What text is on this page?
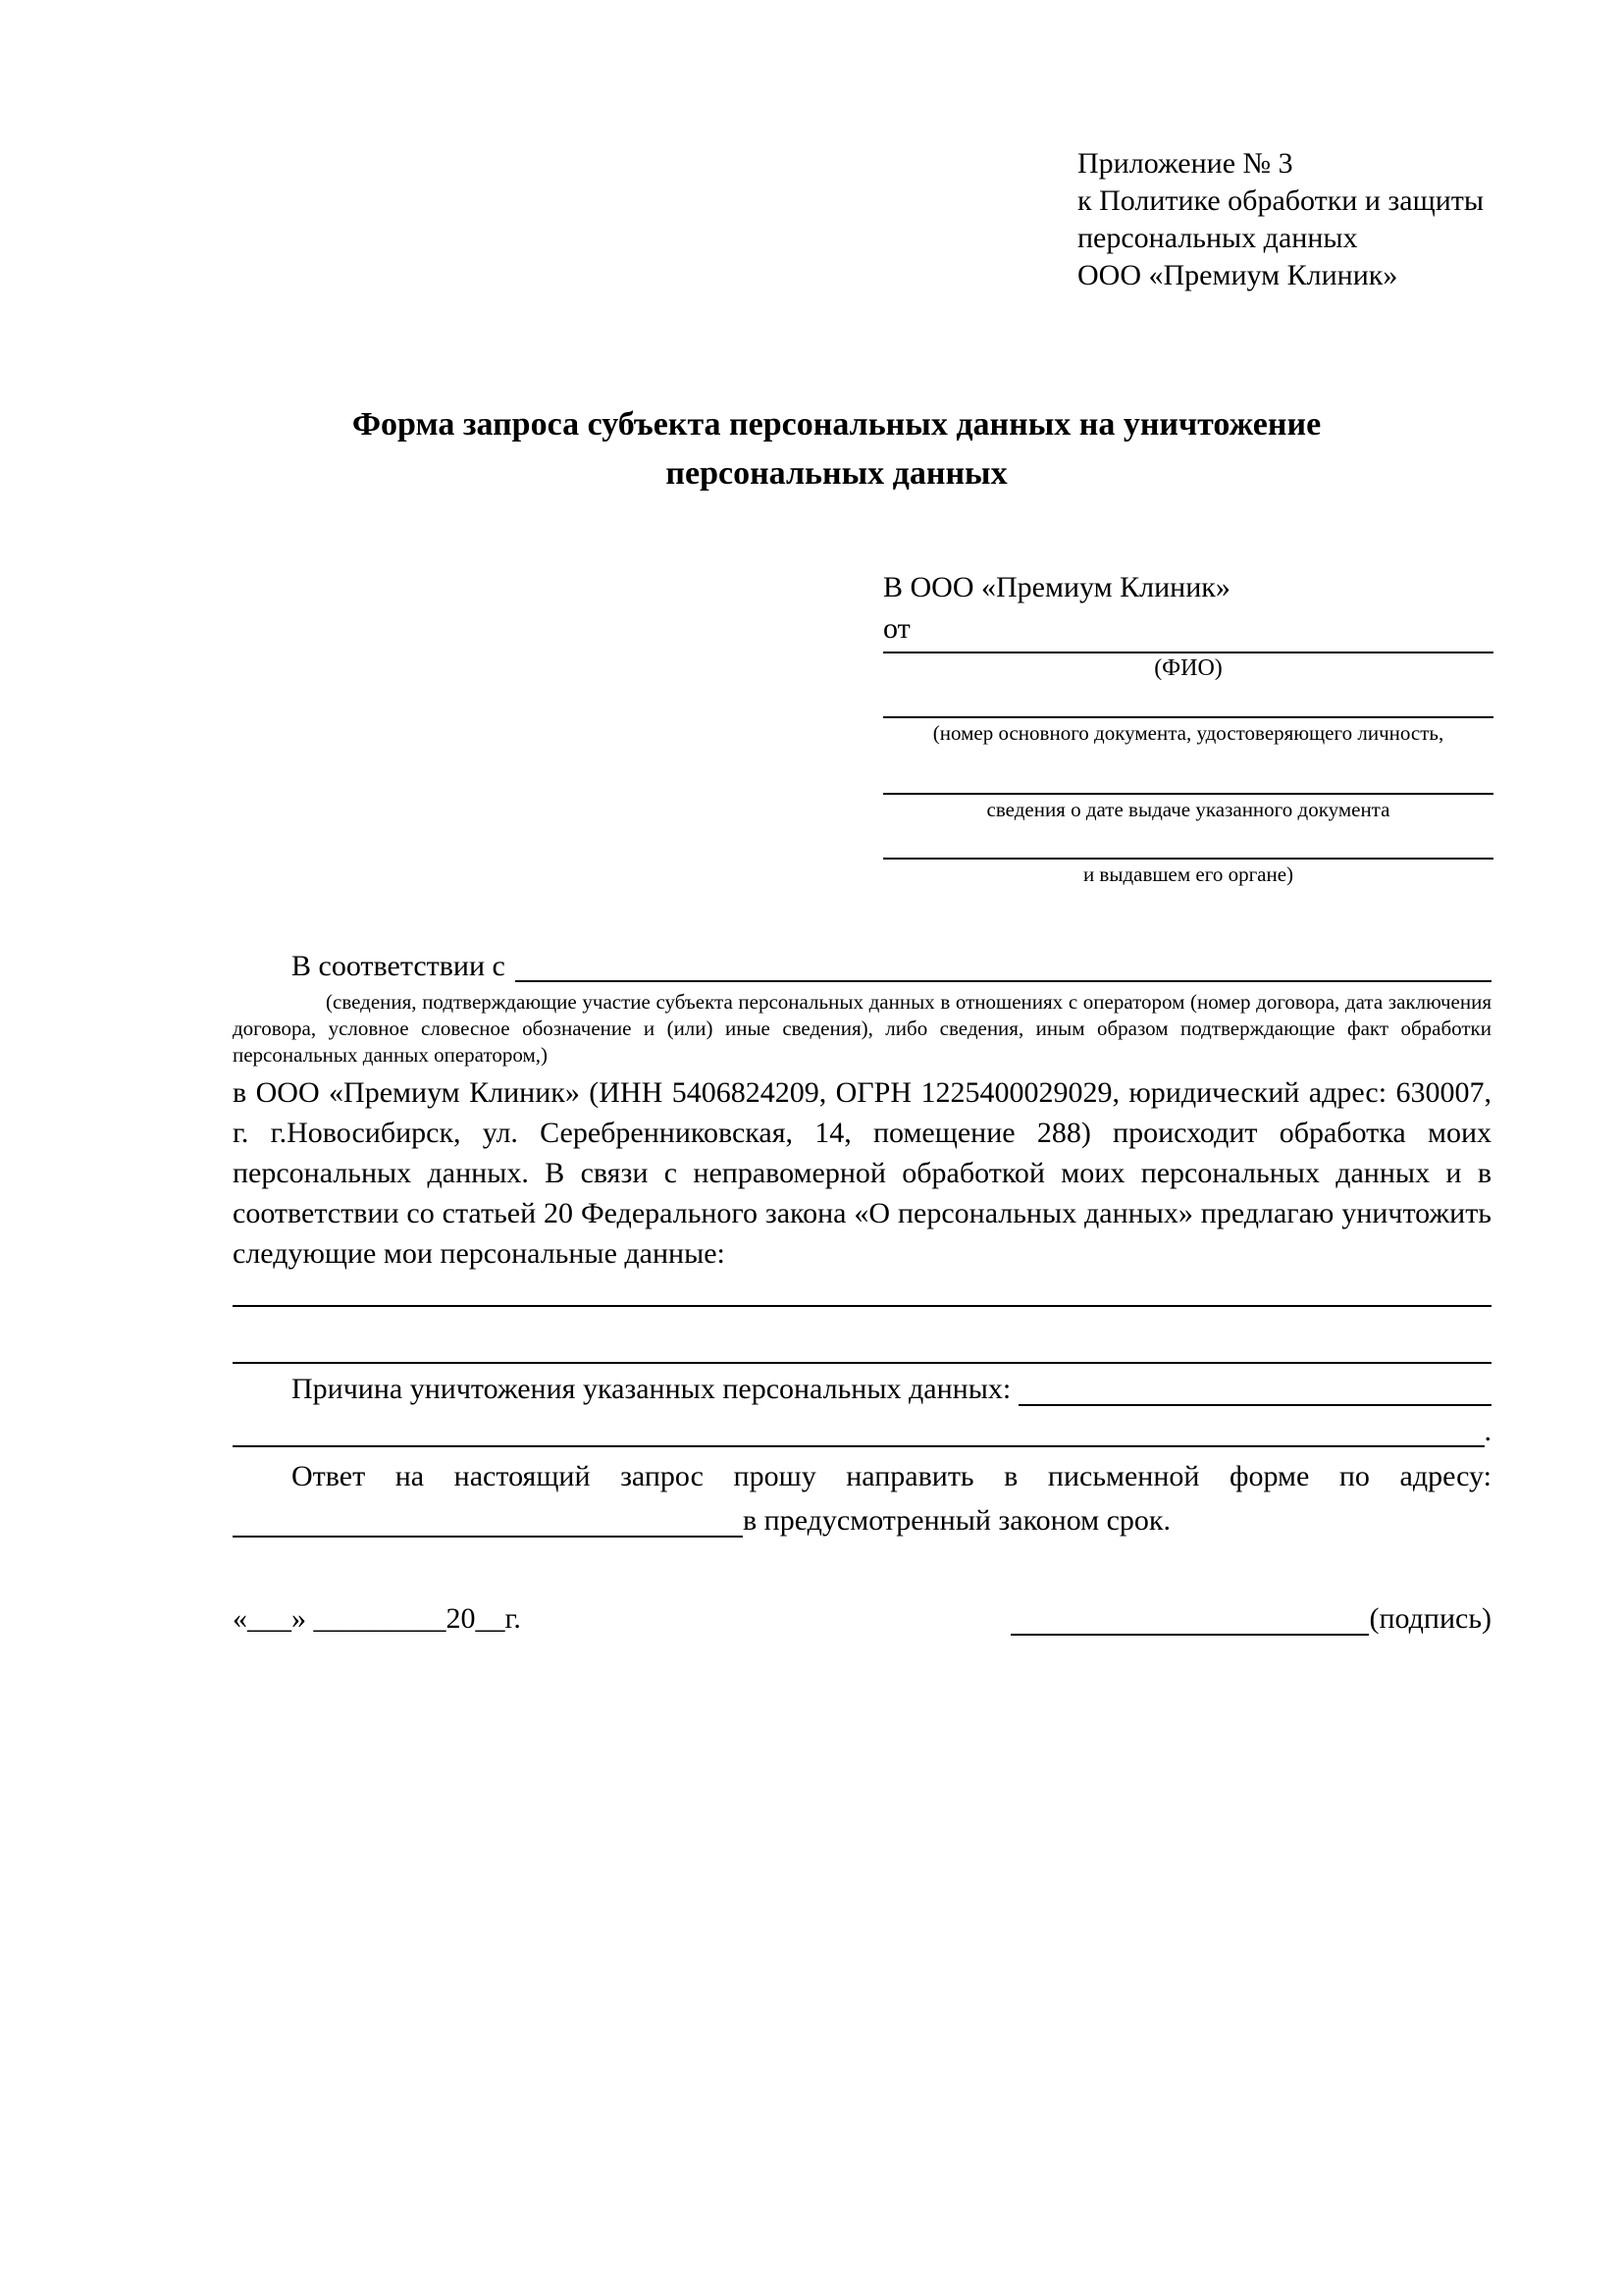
Приложение № 3
к Политике обработки и защиты
персональных данных
ООО «Премиум Клиник»
Форма запроса субъекта персональных данных на уничтожение
персональных данных
В ООО «Премиум Клиник»
от
(ФИО)
(номер основного документа, удостоверяющего личность,
сведения о дате выдаче указанного документа
и выдавшем его органе)
В соответствии с
(сведения, подтверждающие участие субъекта персональных данных в отношениях с оператором (номер договора, дата заключения договора, условное словесное обозначение и (или) иные сведения), либо сведения, иным образом подтверждающие факт обработки персональных данных оператором,)
в ООО «Премиум Клиник» (ИНН 5406824209, ОГРН 1225400029029, юридический адрес: 630007, г. г.Новосибирск, ул. Серебренниковская, 14, помещение 288) происходит обработка моих персональных данных. В связи с неправомерной обработкой моих персональных данных и в соответствии со статьей 20 Федерального закона «О персональных данных» предлагаю уничтожить следующие мои персональные данные:
Причина уничтожения указанных персональных данных:
.
Ответ на настоящий запрос прошу направить в письменной форме по адресу:
в предусмотренный законом срок.
«___» _________20__г.	(подпись)
